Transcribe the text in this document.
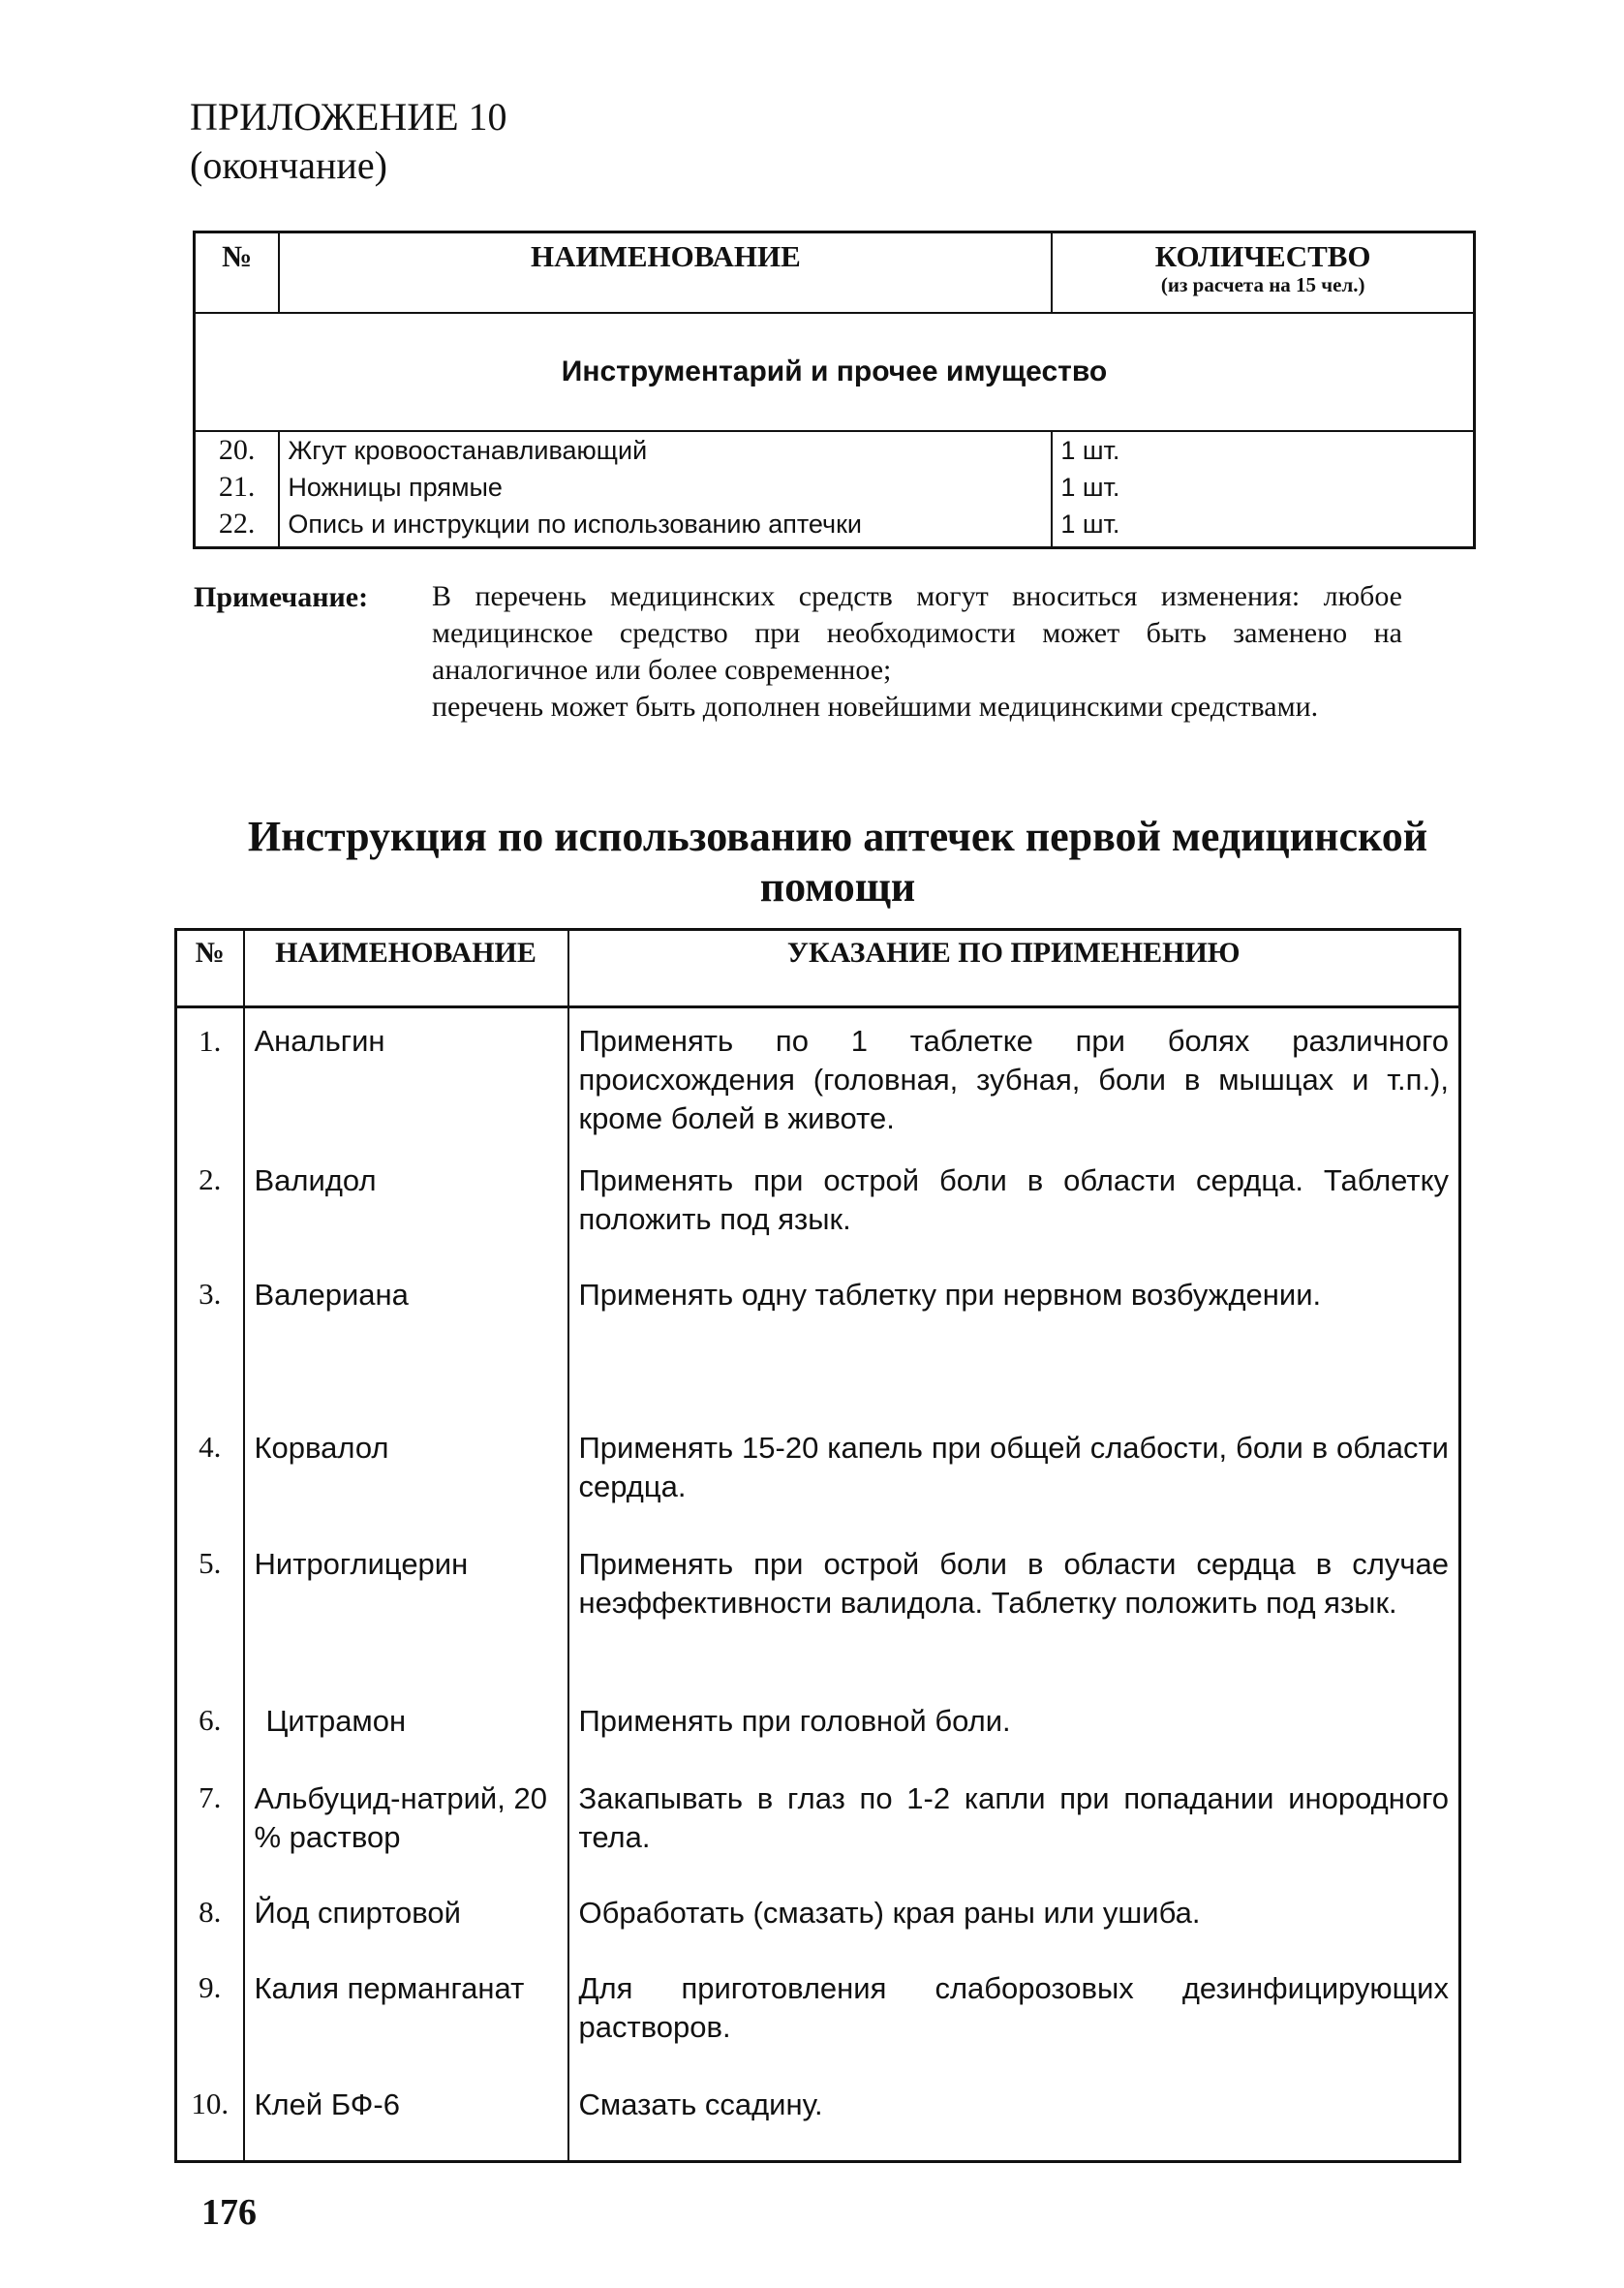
ПРИЛОЖЕНИЕ 10
(окончание)
№	НАИМЕНОВАНИЕ	КОЛИЧЕСТВО
(из расчета на 15 чел.)

Инструментарий и прочее имущество		
20.	Жгут кровоостанавливающий	1 шт.
21.	Ножницы прямые	1 шт.
22.	Опись и инструкции по использованию аптечки	1 шт.
Примечание: В перечень медицинских средств могут вноситься изменения: любое медицинское средство при необходимости может быть заменено на аналогичное или более современное;

перечень может быть дополнен новейшими медицинскими средствами.

Инструкция по использованию аптечек первой медицинской помощи
№	НАИМЕНОВАНИЕ	УКАЗАНИЕ ПО ПРИМЕНЕНИЮ
1.	Анальгин	Применять по 1 таблетке при болях различного происхождения (головная, зубная, боли в мышцах и т.п.), кроме болей в животе.
2.	Валидол	Применять при острой боли в области сердца. Таблетку положить под язык.
3.	Валериана	Применять одну таблетку при нервном возбуждении.
4.	Корвалол	Применять 15-20 капель при общей слабости, боли в области сердца.
5.	Нитроглицерин	Применять при острой боли в области сердца в случае неэффективности валидола. Таблетку положить под язык.
6.	Цитрамон	Применять при головной боли.
7.	Альбуцид-натрий, 20 % раствор	Закапывать в глаз по 1-2 капли при попадании инородного тела.
8.	Йод спиртовой	Обработать (смазать) края раны или ушиба.
9.	Калия перманганат	Для приготовления слаборозовых дезинфицирующих растворов.
10.	Клей БФ-6	Смазать ссадину.
176
